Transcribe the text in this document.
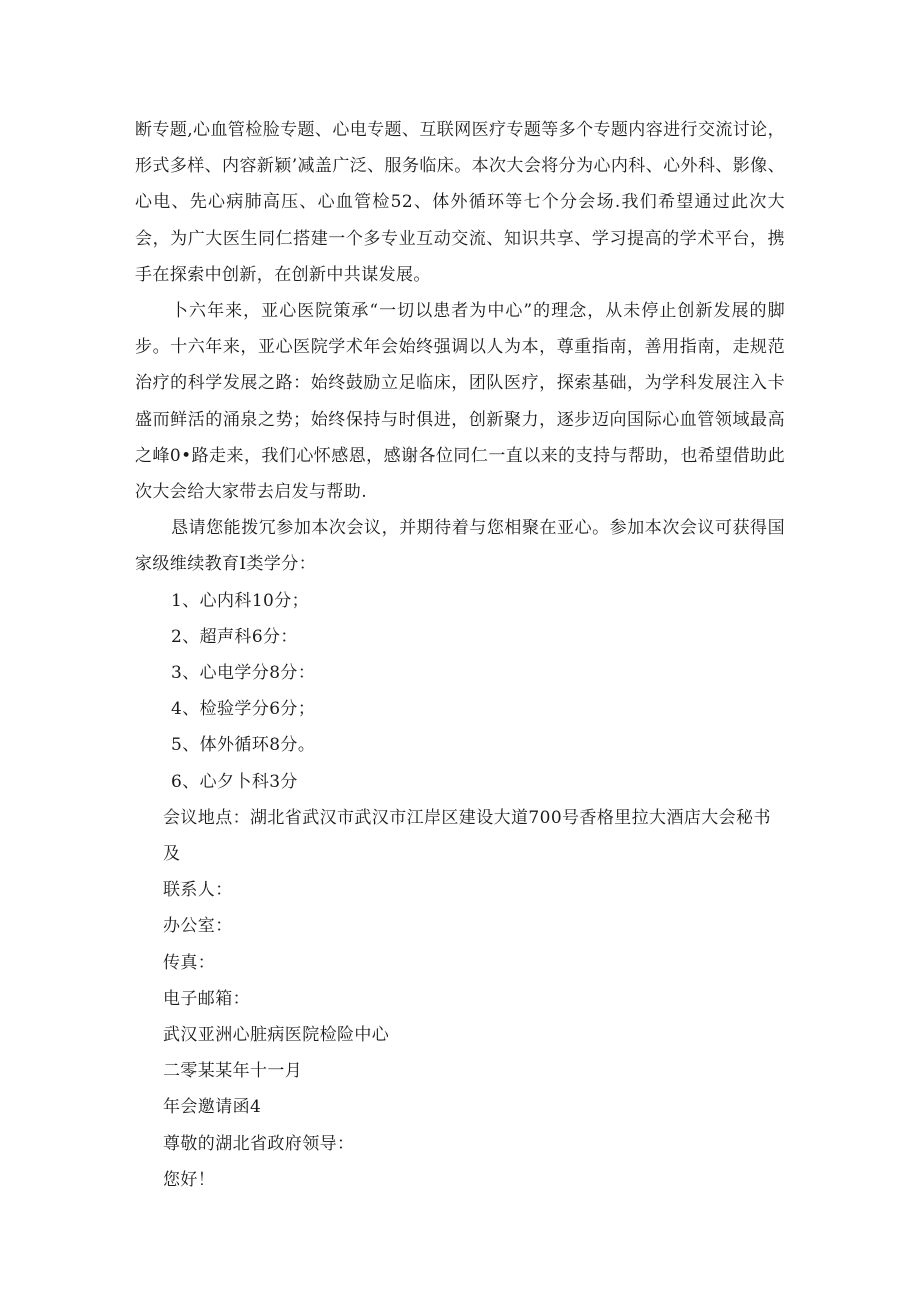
断专题,心血管检脸专题、心电专题、互联网医疗专题等多个专题内容进行交流讨论，形式多样、内容新颖’减盖广泛、服务临床。本次大会将分为心内科、心外科、影像、心电、先心病肺高压、心血管检52、体外循环等七个分会场.我们希望通过此次大会，为广大医生同仁搭建一个多专业互动交流、知识共享、学习提高的学术平台，携手在探索中创新，在创新中共谋发展。

卜六年来，亚心医院策承“一切以患者为中心”的理念，从未停止创新发展的脚步。十六年来，亚心医院学术年会始终强调以人为本，尊重指南，善用指南，走规范治疗的科学发展之路：始终鼓励立足临床，团队医疗，探索基础，为学科发展注入卡盛而鲜活的涌泉之势；始终保持与时俱进，创新聚力，逐步迈向国际心血管领域最高之峰0•路走来，我们心怀感恩，感谢各位同仁一直以来的支持与帮助，也希望借助此次大会给大家带去启发与帮助.

恳请您能拨冗参加本次会议，并期待着与您相聚在亚心。参加本次会议可获得国家级维续教育I类学分：

1、心内科10分；

2、超声科6分：

3、心电学分8分：

4、检验学分6分；

5、体外循环8分。

6、心夕卜科3分

会议地点：湖北省武汉市武汉市江岸区建设大道700号香格里拉大酒店大会秘书及

联系人：

办公室：

传真：

电子邮箱：

武汉亚洲心脏病医院检险中心

二零某某年十一月

年会邀请函4

尊敬的湖北省政府领导：

您好！
